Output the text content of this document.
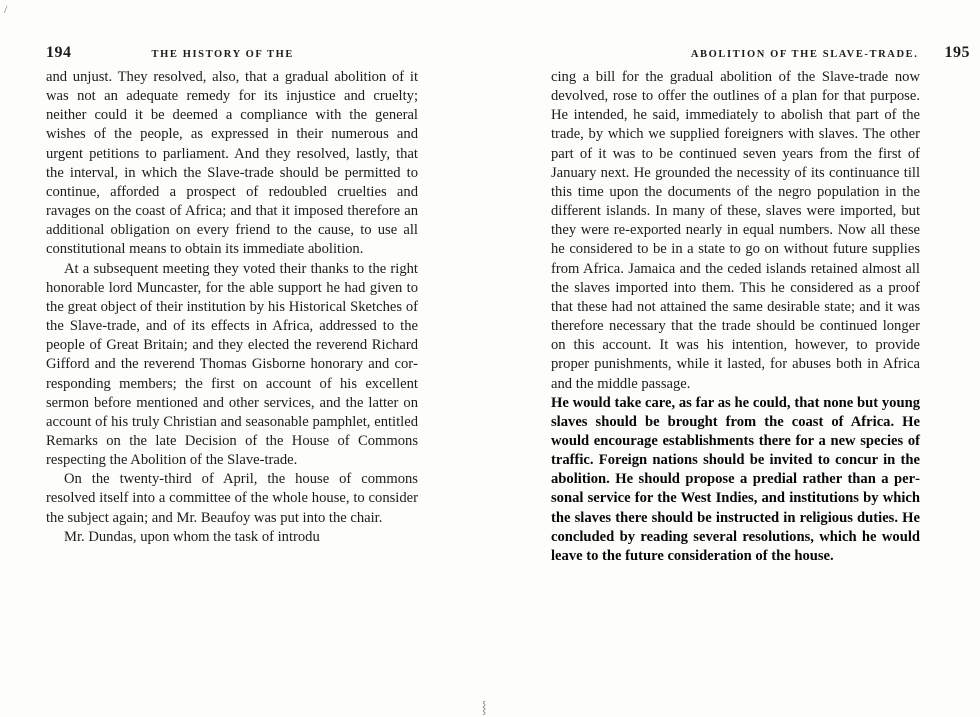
194	THE HISTORY OF THE

and unjust. They resolved, also, that a gradual abolition of it was not an adequate remedy for its injustice and cruelty; neither could it be deemed a compliance with the general wishes of the people, as expressed in their numerous and urgent petitions to parliament. And they resolved, lastly, that the interval, in which the Slave-trade should be permitted to continue, afforded a prospect of redoubled cruelties and ravages on the coast of Africa; and that it imposed therefore an additional obligation on every friend to the cause, to use all constitutional means to obtain its immediate abolition.

At a subsequent meeting they voted their thanks to the right honorable lord Muncaster, for the able support he had given to the great object of their institution by his Historical Sketches of the Slave-trade, and of its effects in Africa, addressed to the people of Great Britain; and they elected the reverend Richard Gifford and the reverend Thomas Gisborne honorary and corresponding members; the first on account of his excellent sermon before mentioned and other services, and the latter on account of his truly Christian and seasonable pamphlet, entitled Remarks on the late Decision of the House of Commons respecting the Abolition of the Slave-trade.

On the twenty-third of April, the house of commons resolved itself into a committee of the whole house, to consider the subject again; and Mr. Beaufoy was put into the chair.

Mr. Dundas, upon whom the task of introdu

ABOLITION OF THE SLAVE-TRADE. 195

cing a bill for the gradual abolition of the Slave-trade now devolved, rose to offer the outlines of a plan for that purpose. He intended, he said, immediately to abolish that part of the trade, by which we supplied foreigners with slaves. The other part of it was to be continued seven years from the first of January next. He grounded the necessity of its continuance till this time upon the documents of the negro population in the different islands. In many of these, slaves were imported, but they were re-exported nearly in equal numbers. Now all these he considered to be in a state to go on without future supplies from Africa. Jamaica and the ceded islands retained almost all the slaves imported into them. This he considered as a proof that these had not attained the same desirable state; and it was therefore necessary that the trade should be continued longer on this account. It was his intention, however, to provide proper punishments, while it lasted, for abuses both in Africa and the middle passage.

He would take care, as far as he could, that none but young slaves should be brought from the coast of Africa. He would encourage establishments there for a new species of traffic. Foreign nations should be invited to concur in the abolition. He should propose a predial rather than a personal service for the West Indies, and institutions by which the slaves there should be instructed in religious duties. He concluded by reading several resolutions, which he would leave to the future consideration of the house.

/
⸾
